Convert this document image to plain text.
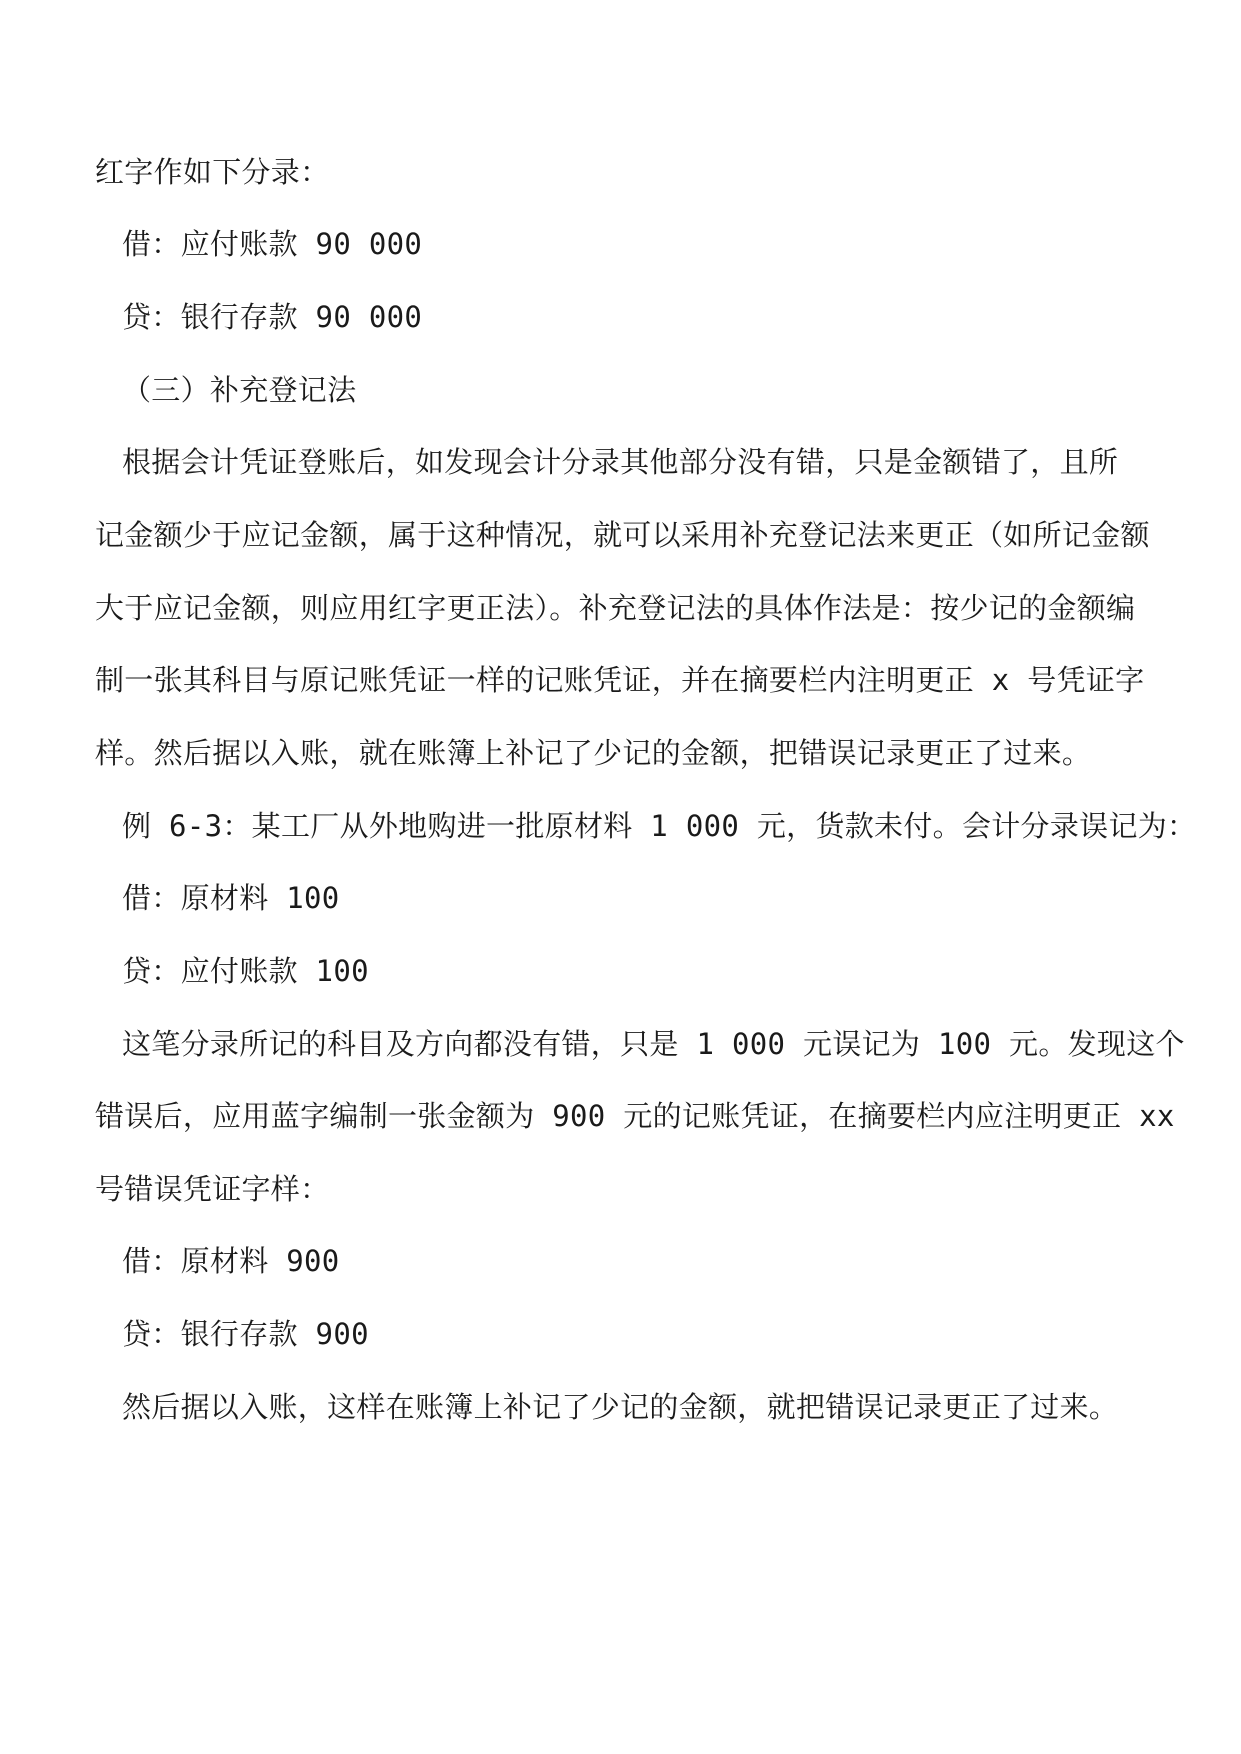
红字作如下分录：
借：应付账款 90 000
贷：银行存款 90 000
（三）补充登记法
根据会计凭证登账后，如发现会计分录其他部分没有错，只是金额错了，且所
记金额少于应记金额，属于这种情况，就可以采用补充登记法来更正（如所记金额
大于应记金额，则应用红字更正法）。补充登记法的具体作法是：按少记的金额编
制一张其科目与原记账凭证一样的记账凭证，并在摘要栏内注明更正 x 号凭证字
样。然后据以入账，就在账簿上补记了少记的金额，把错误记录更正了过来。
例 6-3：某工厂从外地购进一批原材料 1 000 元，货款未付。会计分录误记为：
借：原材料 100
贷：应付账款 100
这笔分录所记的科目及方向都没有错，只是 1 000 元误记为 100 元。发现这个
错误后，应用蓝字编制一张金额为 900 元的记账凭证，在摘要栏内应注明更正 xx
号错误凭证字样：
借：原材料 900
贷：银行存款 900
然后据以入账，这样在账簿上补记了少记的金额，就把错误记录更正了过来。
